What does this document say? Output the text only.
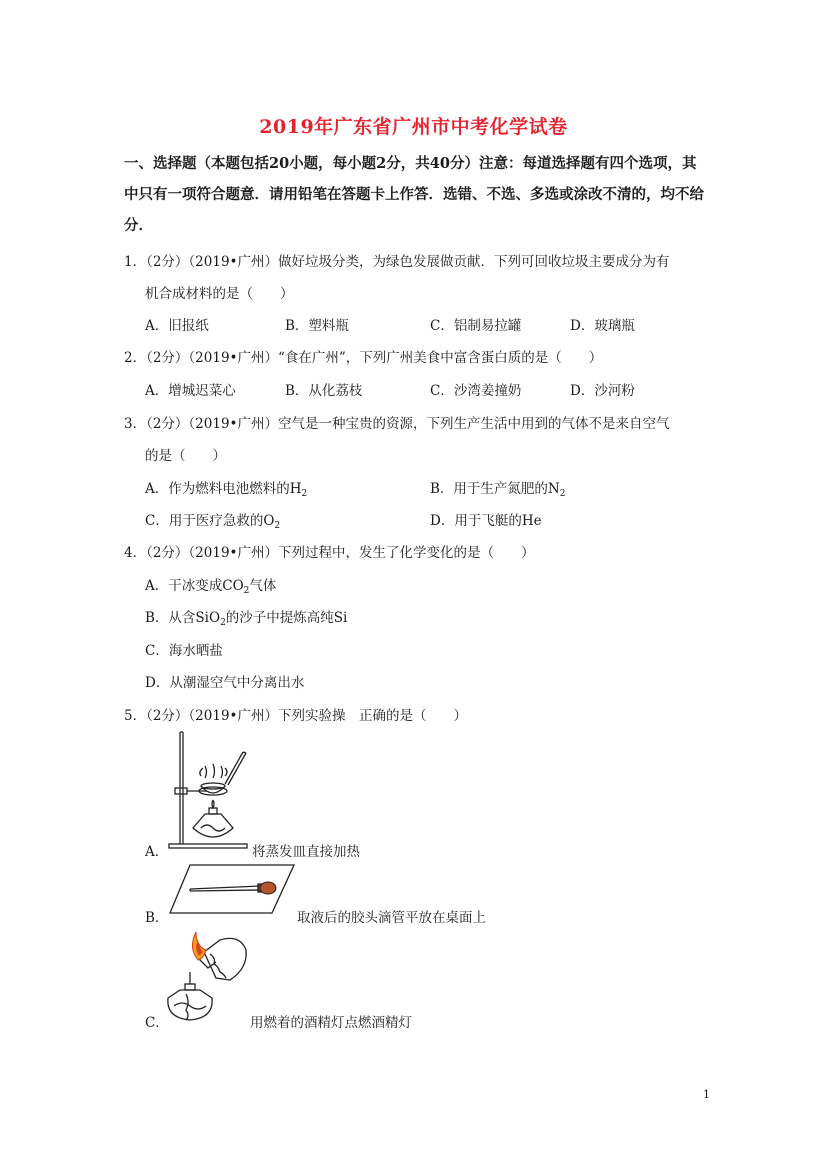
2019年广东省广州市中考化学试卷
一、选择题（本题包括20小题，每小题2分，共40分）注意：每道选择题有四个选项，其中只有一项符合题意．请用铅笔在答题卡上作答．选错、不选、多选或涂改不清的，均不给分．
1．（2分）（2019•广州）做好垃圾分类，为绿色发展做贡献．下列可回收垃圾主要成分为有
机合成材料的是（　　）
A．旧报纸	B．塑料瓶	C．铝制易拉罐	D．玻璃瓶
2．（2分）（2019•广州）“食在广州”，下列广州美食中富含蛋白质的是（　　）
A．增城迟菜心	B．从化荔枝	C．沙湾姜撞奶	D．沙河粉
3．（2分）（2019•广州）空气是一种宝贵的资源，下列生产生活中用到的气体不是来自空气
的是（　　）
A．作为燃料电池燃料的$H_2$	B．用于生产氮肥的$N_2$
C．用于医疗急救的$O_2$	D．用于飞艇的He
4．（2分）（2019•广州）下列过程中，发生了化学变化的是（　　）
A．干冰变成$CO_2$气体
B．从含SiO$_2$的沙子中提炼高纯Si
C．海水晒盐
D．从潮湿空气中分离出水
5．（2分）（2019•广州）下列实验操　正确的是（　　）
A．	将蒸发皿直接加热
B．	取液后的胶头滴管平放在桌面上
C．	用燃着的酒精灯点燃酒精灯
1
